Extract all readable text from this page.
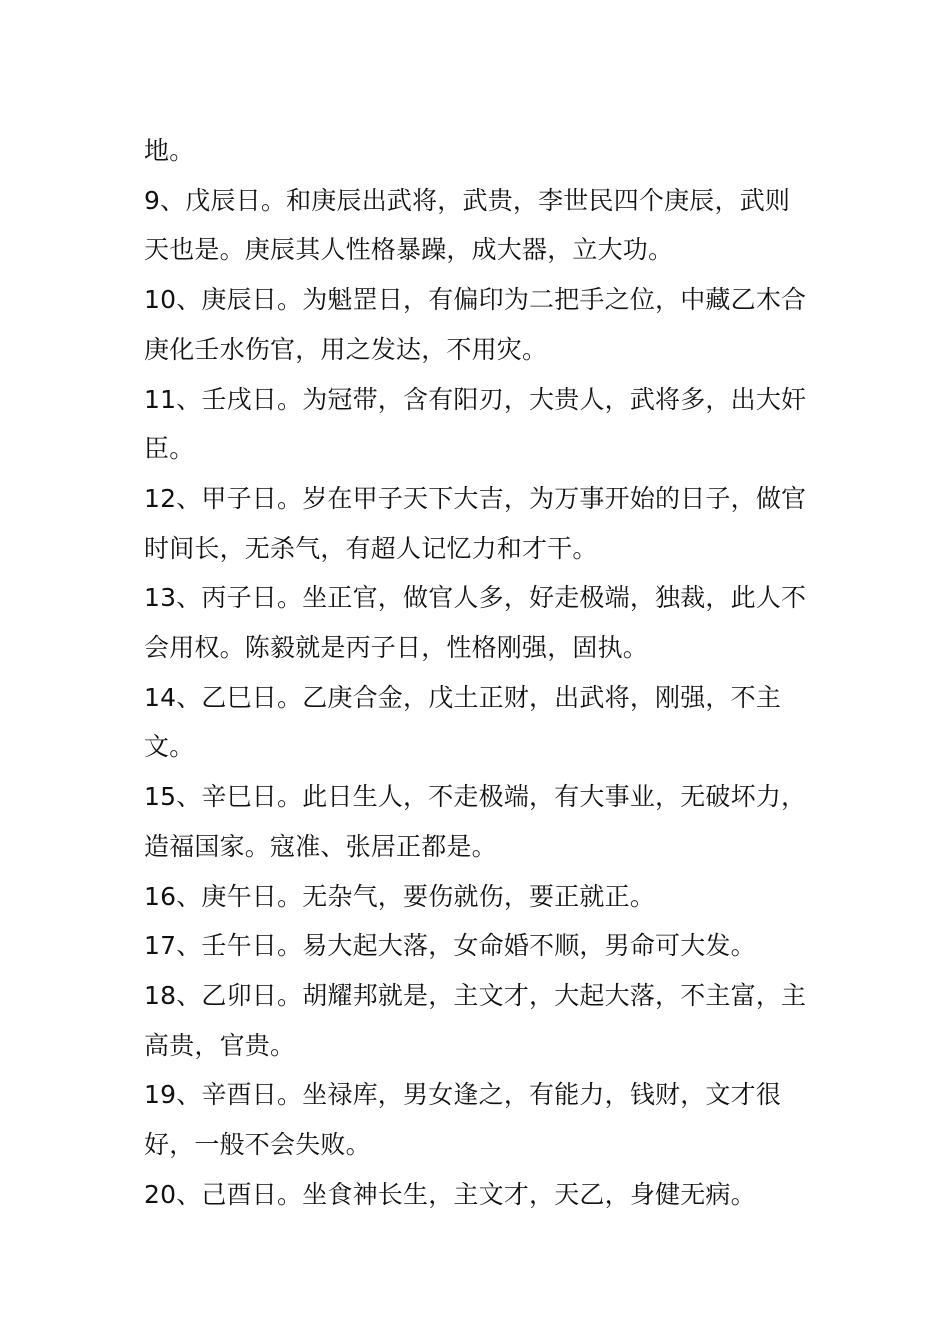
地。

9、戊辰日。和庚辰出武将，武贵，李世民四个庚辰，武则天也是。庚辰其人性格暴躁，成大器，立大功。

10、庚辰日。为魁罡日，有偏印为二把手之位，中藏乙木合庚化壬水伤官，用之发达，不用灾。

11、壬戌日。为冠带，含有阳刃，大贵人，武将多，出大奸臣。

12、甲子日。岁在甲子天下大吉，为万事开始的日子，做官时间长，无杀气，有超人记忆力和才干。

13、丙子日。坐正官，做官人多，好走极端，独裁，此人不会用权。陈毅就是丙子日，性格刚强，固执。

14、乙巳日。乙庚合金，戊土正财，出武将，刚强，不主文。

15、辛巳日。此日生人，不走极端，有大事业，无破坏力，造福国家。寇准、张居正都是。

16、庚午日。无杂气，要伤就伤，要正就正。

17、壬午日。易大起大落，女命婚不顺，男命可大发。

18、乙卯日。胡耀邦就是，主文才，大起大落，不主富，主高贵，官贵。

19、辛酉日。坐禄库，男女逢之，有能力，钱财，文才很好，一般不会失败。

20、己酉日。坐食神长生，主文才，天乙，身健无病。
